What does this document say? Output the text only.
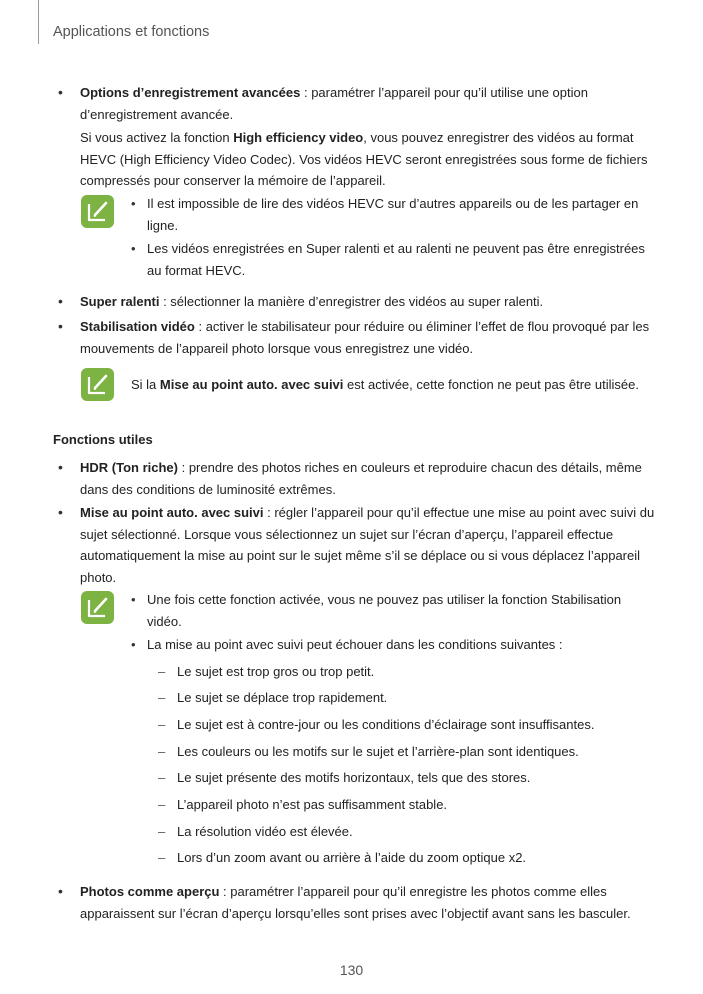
Applications et fonctions
• Options d’enregistrement avancées : paramétrer l’appareil pour qu’il utilise une option d’enregistrement avancée.
Si vous activez la fonction High efficiency video, vous pouvez enregistrer des vidéos au format HEVC (High Efficiency Video Codec). Vos vidéos HEVC seront enregistrées sous forme de fichiers compressés pour conserver la mémoire de l’appareil.
• Il est impossible de lire des vidéos HEVC sur d’autres appareils ou de les partager en ligne.
• Les vidéos enregistrées en Super ralenti et au ralenti ne peuvent pas être enregistrées au format HEVC.
• Super ralenti : sélectionner la manière d’enregistrer des vidéos au super ralenti.
• Stabilisation vidéo : activer le stabilisateur pour réduire ou éliminer l’effet de flou provoqué par les mouvements de l’appareil photo lorsque vous enregistrez une vidéo.
Si la Mise au point auto. avec suivi est activée, cette fonction ne peut pas être utilisée.
Fonctions utiles
• HDR (Ton riche) : prendre des photos riches en couleurs et reproduire chacun des détails, même dans des conditions de luminosité extrêmes.
• Mise au point auto. avec suivi : régler l’appareil pour qu’il effectue une mise au point avec suivi du sujet sélectionné. Lorsque vous sélectionnez un sujet sur l’écran d’aperçu, l’appareil effectue automatiquement la mise au point sur le sujet même s’il se déplace ou si vous déplacez l’appareil photo.
• Une fois cette fonction activée, vous ne pouvez pas utiliser la fonction Stabilisation vidéo.
• La mise au point avec suivi peut échouer dans les conditions suivantes :
– Le sujet est trop gros ou trop petit.
– Le sujet se déplace trop rapidement.
– Le sujet est à contre-jour ou les conditions d’éclairage sont insuffisantes.
– Les couleurs ou les motifs sur le sujet et l’arrière-plan sont identiques.
– Le sujet présente des motifs horizontaux, tels que des stores.
– L’appareil photo n’est pas suffisamment stable.
– La résolution vidéo est élevée.
– Lors d’un zoom avant ou arrière à l’aide du zoom optique x2.
• Photos comme aperçu : paramétrer l’appareil pour qu’il enregistre les photos comme elles apparaissent sur l’écran d’aperçu lorsqu’elles sont prises avec l’objectif avant sans les basculer.
130
